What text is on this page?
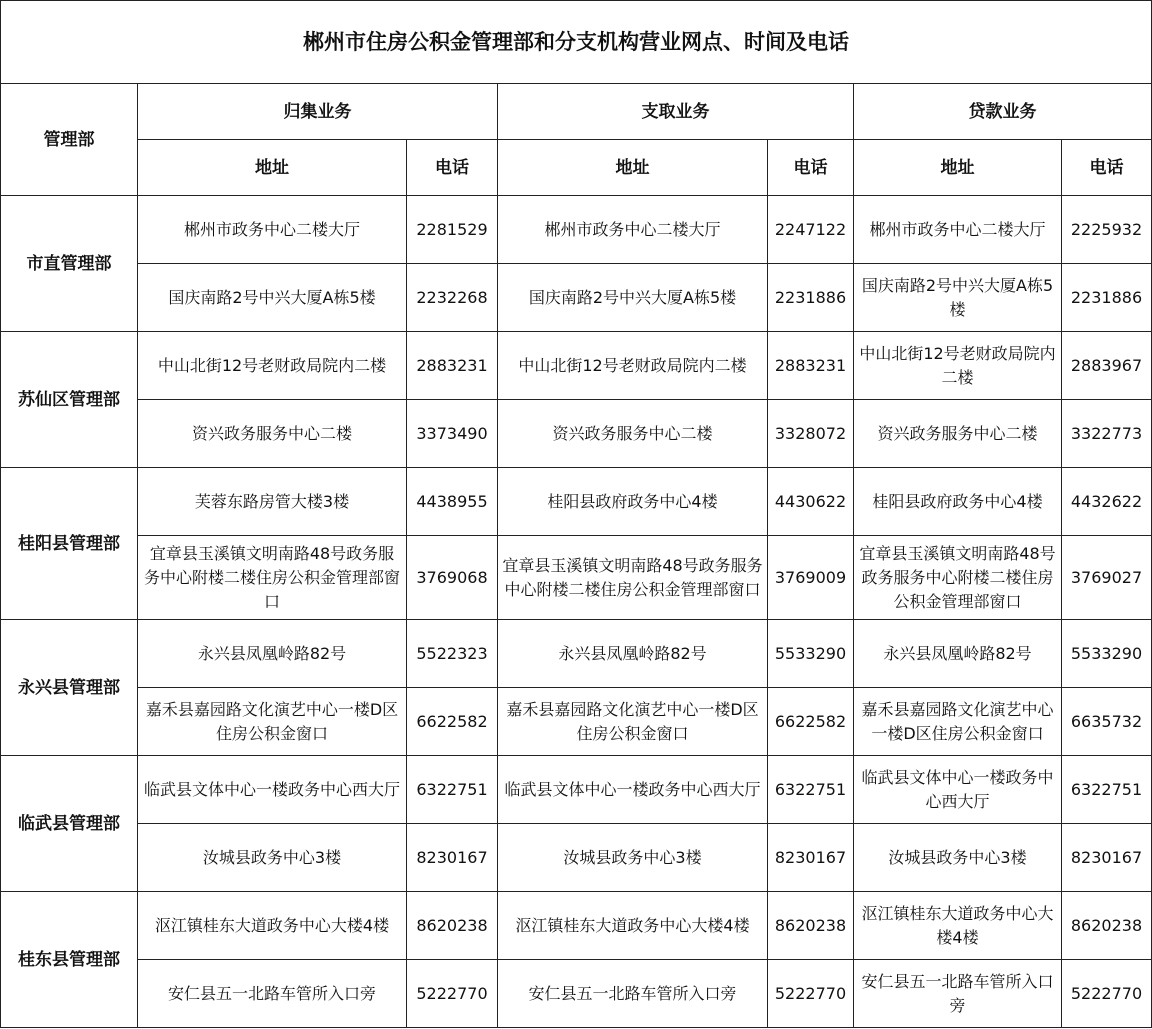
郴州市住房公积金管理部和分支机构营业网点、时间及电话						
管理部	归集业务		支取业务		贷款业务	
	地址	电话	地址	电话	地址	电话
市直管理部	郴州市政务中心二楼大厅	2281529	郴州市政务中心二楼大厅	2247122	郴州市政务中心二楼大厅	2225932
	国庆南路2号中兴大厦A栋5楼	2232268	国庆南路2号中兴大厦A栋5楼	2231886	国庆南路2号中兴大厦A栋5楼	2231886
苏仙区管理部	中山北街12号老财政局院内二楼	2883231	中山北街12号老财政局院内二楼	2883231	中山北街12号老财政局院内二楼	2883967
	资兴政务服务中心二楼	3373490	资兴政务服务中心二楼	3328072	资兴政务服务中心二楼	3322773
桂阳县管理部	芙蓉东路房管大楼3楼	4438955	桂阳县政府政务中心4楼	4430622	桂阳县政府政务中心4楼	4432622
	宜章县玉溪镇文明南路48号政务服务中心附楼二楼住房公积金管理部窗口	3769068	宜章县玉溪镇文明南路48号政务服务中心附楼二楼住房公积金管理部窗口	3769009	宜章县玉溪镇文明南路48号政务服务中心附楼二楼住房公积金管理部窗口	3769027
永兴县管理部	永兴县凤凰岭路82号	5522323	永兴县凤凰岭路82号	5533290	永兴县凤凰岭路82号	5533290
	嘉禾县嘉园路文化演艺中心一楼D区住房公积金窗口	6622582	嘉禾县嘉园路文化演艺中心一楼D区住房公积金窗口	6622582	嘉禾县嘉园路文化演艺中心一楼D区住房公积金窗口	6635732
临武县管理部	临武县文体中心一楼政务中心西大厅	6322751	临武县文体中心一楼政务中心西大厅	6322751	临武县文体中心一楼政务中心西大厅	6322751
	汝城县政务中心3楼	8230167	汝城县政务中心3楼	8230167	汝城县政务中心3楼	8230167
桂东县管理部	沤江镇桂东大道政务中心大楼4楼	8620238	沤江镇桂东大道政务中心大楼4楼	8620238	沤江镇桂东大道政务中心大楼4楼	8620238
	安仁县五一北路车管所入口旁	5222770	安仁县五一北路车管所入口旁	5222770	安仁县五一北路车管所入口旁	5222770
